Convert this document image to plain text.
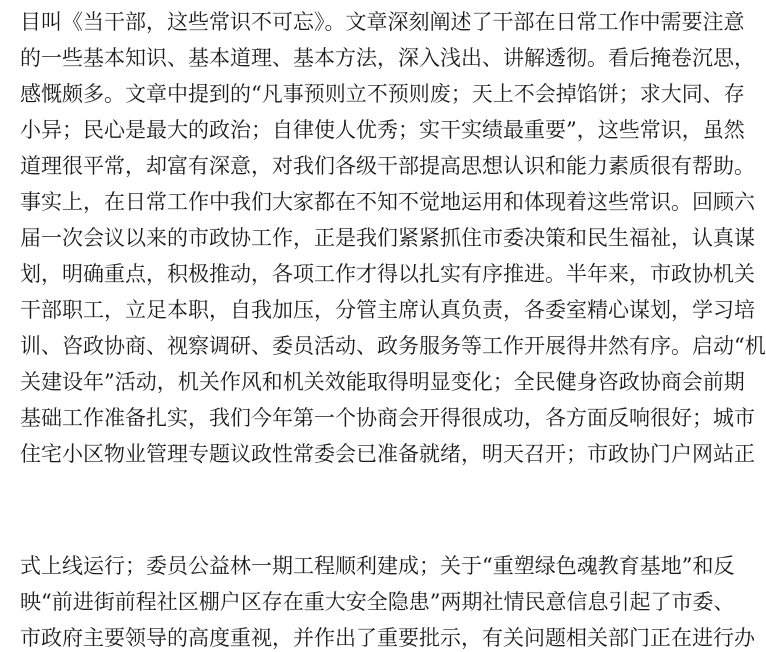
目叫《当干部，这些常识不可忘》。文章深刻阐述了干部在日常工作中需要注意
的一些基本知识、基本道理、基本方法，深入浅出、讲解透彻。看后掩卷沉思，
感慨颇多。文章中提到的“凡事预则立不预则废；天上不会掉馅饼；求大同、存
小异；民心是最大的政治；自律使人优秀；实干实绩最重要”，这些常识，虽然
道理很平常，却富有深意，对我们各级干部提高思想认识和能力素质很有帮助。
事实上，在日常工作中我们大家都在不知不觉地运用和体现着这些常识。回顾六
届一次会议以来的市政协工作，正是我们紧紧抓住市委决策和民生福祉，认真谋
划，明确重点，积极推动，各项工作才得以扎实有序推进。半年来，市政协机关
干部职工，立足本职，自我加压，分管主席认真负责，各委室精心谋划，学习培
训、咨政协商、视察调研、委员活动、政务服务等工作开展得井然有序。启动“机
关建设年”活动，机关作风和机关效能取得明显变化；全民健身咨政协商会前期
基础工作准备扎实，我们今年第一个协商会开得很成功，各方面反响很好；城市
住宅小区物业管理专题议政性常委会已准备就绪，明天召开；市政协门户网站正
式上线运行；委员公益林一期工程顺利建成；关于“重塑绿色魂教育基地”和反
映“前进街前程社区棚户区存在重大安全隐患”两期社情民意信息引起了市委、
市政府主要领导的高度重视，并作出了重要批示，有关问题相关部门正在进行办
